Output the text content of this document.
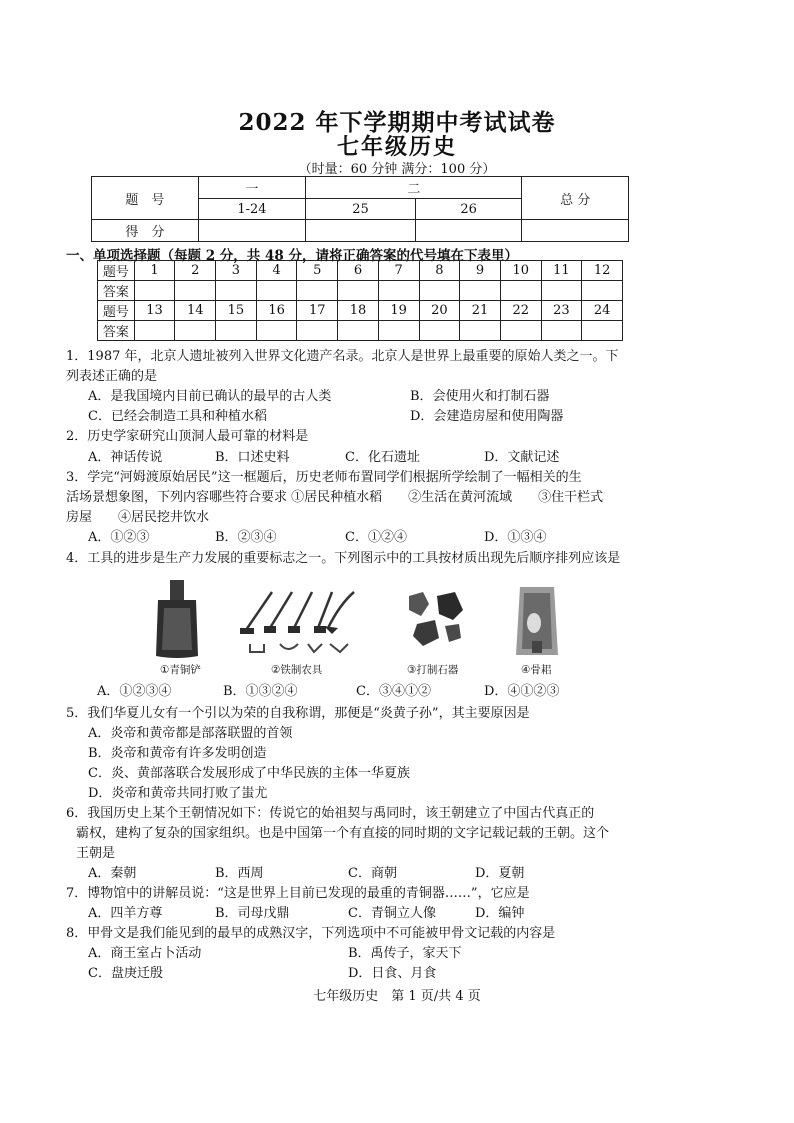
2022 年下学期期中考试试卷
七年级历史
（时量：60 分钟 满分：100 分）
题　号	一	二		总 分
	1-24	25	26	
得　分				
一、单项选择题（每题 2 分，共 48 分，请将正确答案的代号填在下表里）
题号	1	2	3	4	5	6	7	8	9	10	11	12
答案												
题号	13	14	15	16	17	18	19	20	21	22	23	24
答案												
1．1987 年，北京人遗址被列入世界文化遗产名录。北京人是世界上最重要的原始人类之一。下
列表述正确的是
A．是我国境内目前已确认的最早的古人类	B．会使用火和打制石器
C．已经会制造工具和种植水稻	D．会建造房屋和使用陶器
2．历史学家研究山顶洞人最可靠的材料是
A．神话传说	B．口述史料	C．化石遗址	D．文献记述
3．学完“河姆渡原始居民”这一框题后，历史老师布置同学们根据所学绘制了一幅相关的生
活场景想象图，下列内容哪些符合要求 ①居民种植水稻　　②生活在黄河流域　　③住干栏式
房屋　　④居民挖井饮水
A．①②③	B．②③④	C．①②④	D．①③④
4．工具的进步是生产力发展的重要标志之一。下列图示中的工具按材质出现先后顺序排列应该是
①青铜铲	②铁制农具	③打制石器	④骨耜
A．①②③④	B．①③②④	C．③④①②	D．④①②③
5．我们华夏儿女有一个引以为荣的自我称谓，那便是“炎黄子孙”，其主要原因是
A．炎帝和黄帝都是部落联盟的首领
B．炎帝和黄帝有许多发明创造
C．炎、黄部落联合发展形成了中华民族的主体一华夏族
D．炎帝和黄帝共同打败了蚩尤
6．我国历史上某个王朝情况如下：传说它的始祖契与禹同时，该王朝建立了中国古代真正的
霸权，建构了复杂的国家组织。也是中国第一个有直接的同时期的文字记载记载的王朝。这个
王朝是
A．秦朝	B．西周	C．商朝	D．夏朝
7．博物馆中的讲解员说：“这是世界上目前已发现的最重的青铜器……”，它应是
A．四羊方尊	B．司母戊鼎	C．青铜立人像	D．编钟
8．甲骨文是我们能见到的最早的成熟汉字，下列选项中不可能被甲骨文记载的内容是
A．商王室占卜活动	B．禹传子，家天下
C．盘庚迁殷	D．日食、月食
七年级历史　第 1 页/共 4 页
